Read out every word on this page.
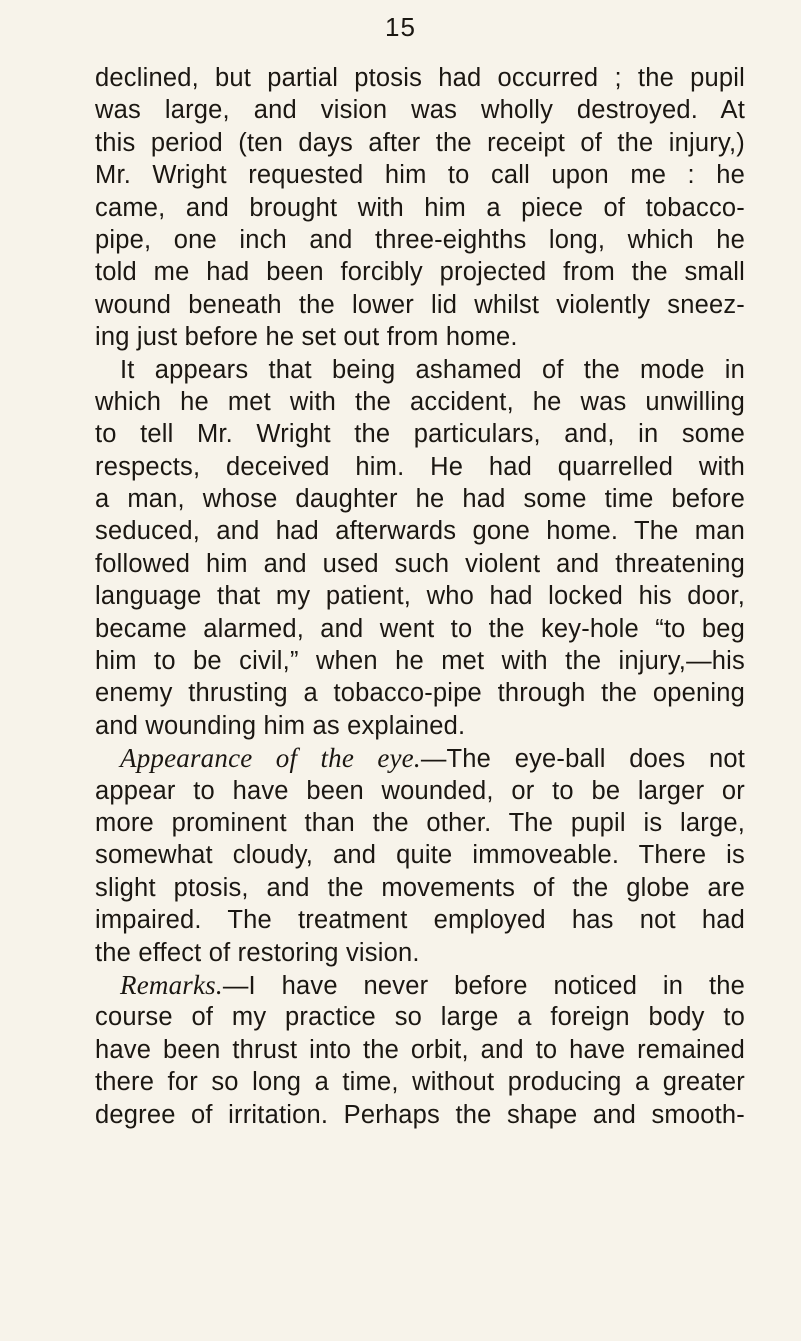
15
declined, but partial ptosis had occurred ; the pupil
was large, and vision was wholly destroyed. At
this period (ten days after the receipt of the injury,)
Mr. Wright requested him to call upon me : he
came, and brought with him a piece of tobacco-
pipe, one inch and three-eighths long, which he
told me had been forcibly projected from the small
wound beneath the lower lid whilst violently sneez-
ing just before he set out from home.
It appears that being ashamed of the mode in
which he met with the accident, he was unwilling
to tell Mr. Wright the particulars, and, in some
respects, deceived him. He had quarrelled with
a man, whose daughter he had some time before
seduced, and had afterwards gone home. The man
followed him and used such violent and threatening
language that my patient, who had locked his door,
became alarmed, and went to the key-hole “to beg
him to be civil,” when he met with the injury,—his
enemy thrusting a tobacco-pipe through the opening
and wounding him as explained.
Appearance of the eye.—The eye-ball does not
appear to have been wounded, or to be larger or
more prominent than the other. The pupil is large,
somewhat cloudy, and quite immoveable. There is
slight ptosis, and the movements of the globe are
impaired. The treatment employed has not had
the effect of restoring vision.
Remarks.—I have never before noticed in the
course of my practice so large a foreign body to
have been thrust into the orbit, and to have remained
there for so long a time, without producing a greater
degree of irritation. Perhaps the shape and smooth-
